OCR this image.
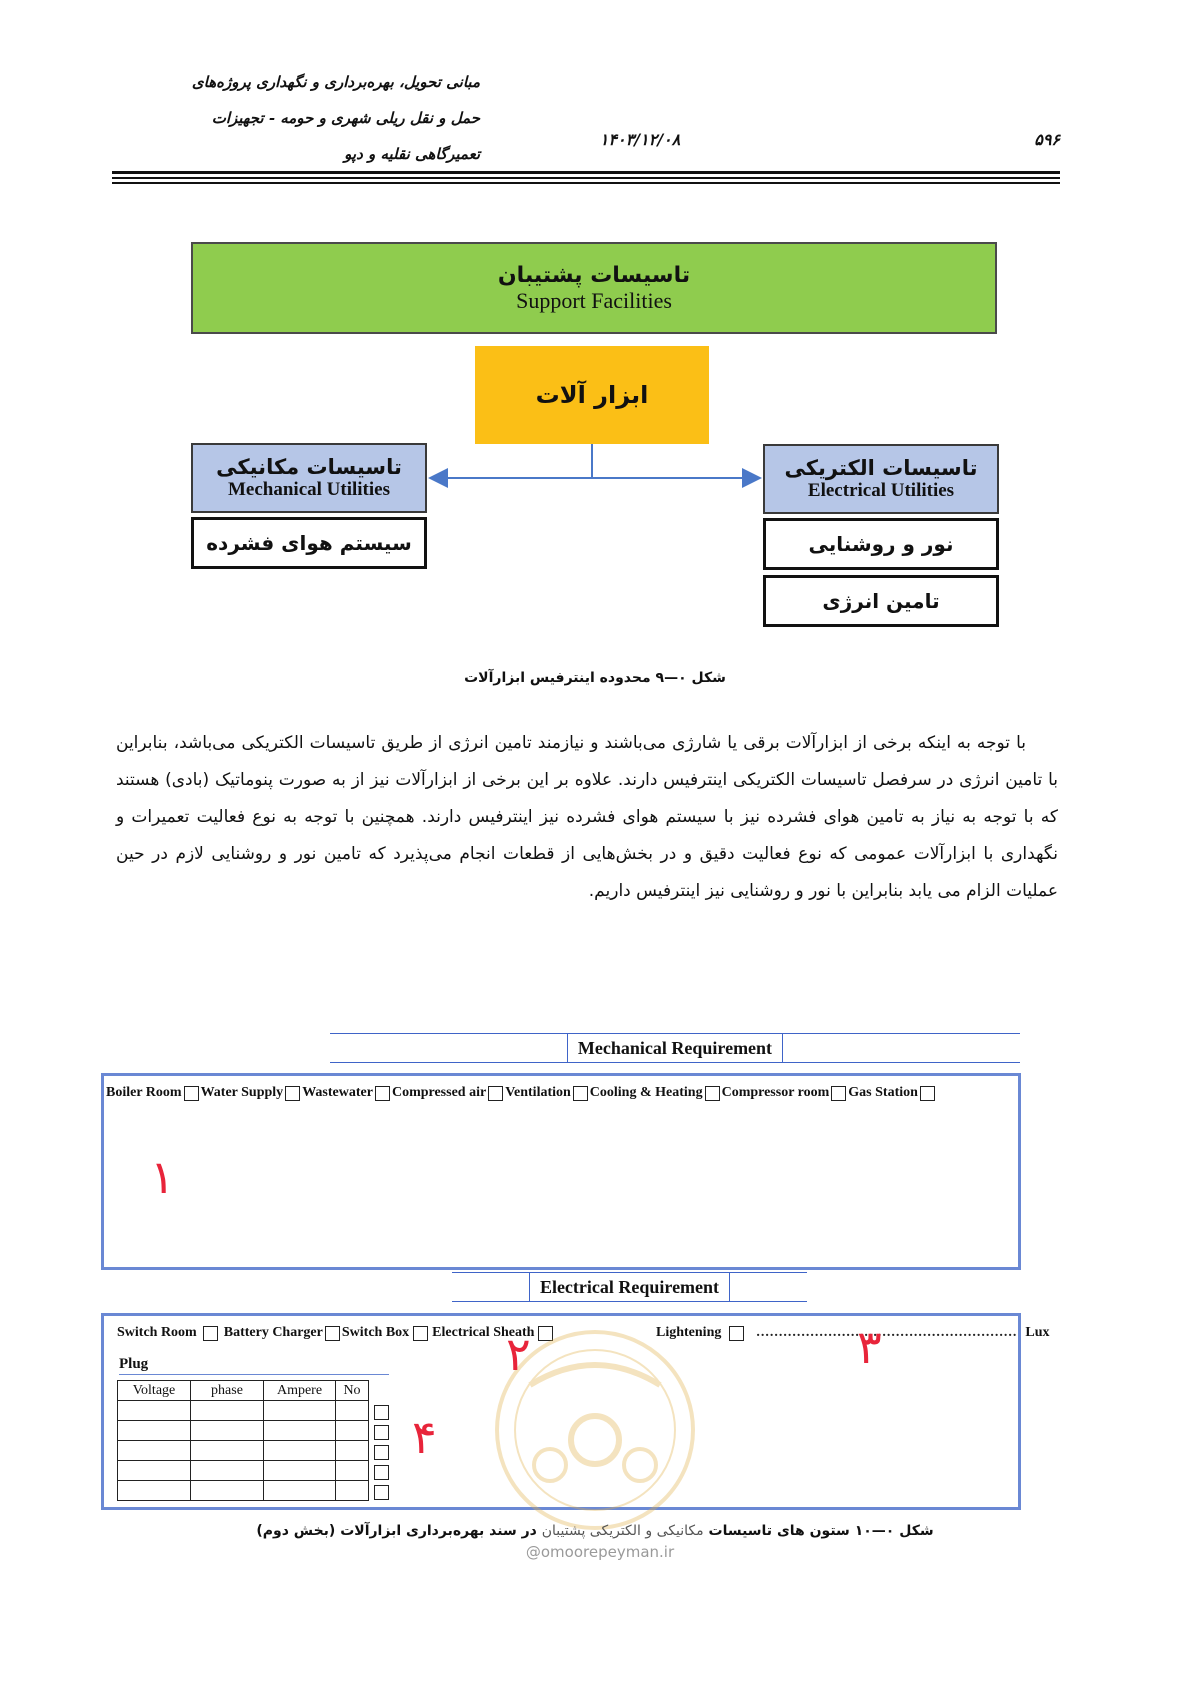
مبانی تحویل، بهره‌برداری و نگهداری پروژه‌های
حمل و نقل ریلی شهری و حومه - تجهیزات
تعمیرگاهی نقلیه و دپو
۱۴۰۳/۱۲/۰۸	۵۹۶
تاسیسات پشتیبان
Support Facilities
ابزار آلات
تاسیسات مکانیکی
Mechanical Utilities
تاسیسات الکتریکی
Electrical Utilities
سیستم هوای فشرده	نور و روشنایی
تامین انرژی
شکل ۰—۹ محدوده اینترفیس ابزارآلات
با توجه به اینکه برخی از ابزارآلات برقی یا شارژی می‌باشند و نیازمند تامین انرژی از طریق تاسیسات الکتریکی می‌باشد، بنابراین با تامین انرژی در سرفصل تاسیسات الکتریکی اینترفیس دارند. علاوه بر این برخی از ابزارآلات نیز از به صورت پنوماتیک (بادی) هستند که با توجه به نیاز به تامین هوای فشرده نیز با سیستم هوای فشرده نیز اینترفیس دارند. همچنین با توجه به نوع فعالیت تعمیرات و نگهداری با ابزارآلات عمومی که نوع فعالیت دقیق و در بخش‌هایی از قطعات انجام می‌پذیرد که تامین نور و روشنایی لازم در حین عملیات الزام می یابد بنابراین با نور و روشنایی نیز اینترفیس داریم.
Mechanical Requirement
Boiler Room Water Supply Wastewater Compressed air Ventilation Cooling & Heating Compressor room Gas Station
۱
Electrical Requirement
Switch Room Battery Charger Switch Box Electrical Sheath	Lightening	.......................................................... Lux
Plug
Voltage	phase	Ampere	No

۲	۳
۴
شکل ۰—۱۰ ستون های تاسیسات مکانیکی و الکتریکی پشتیبان در سند بهره‌برداری ابزارآلات (بخش دوم)
@omoorepeyman.ir
